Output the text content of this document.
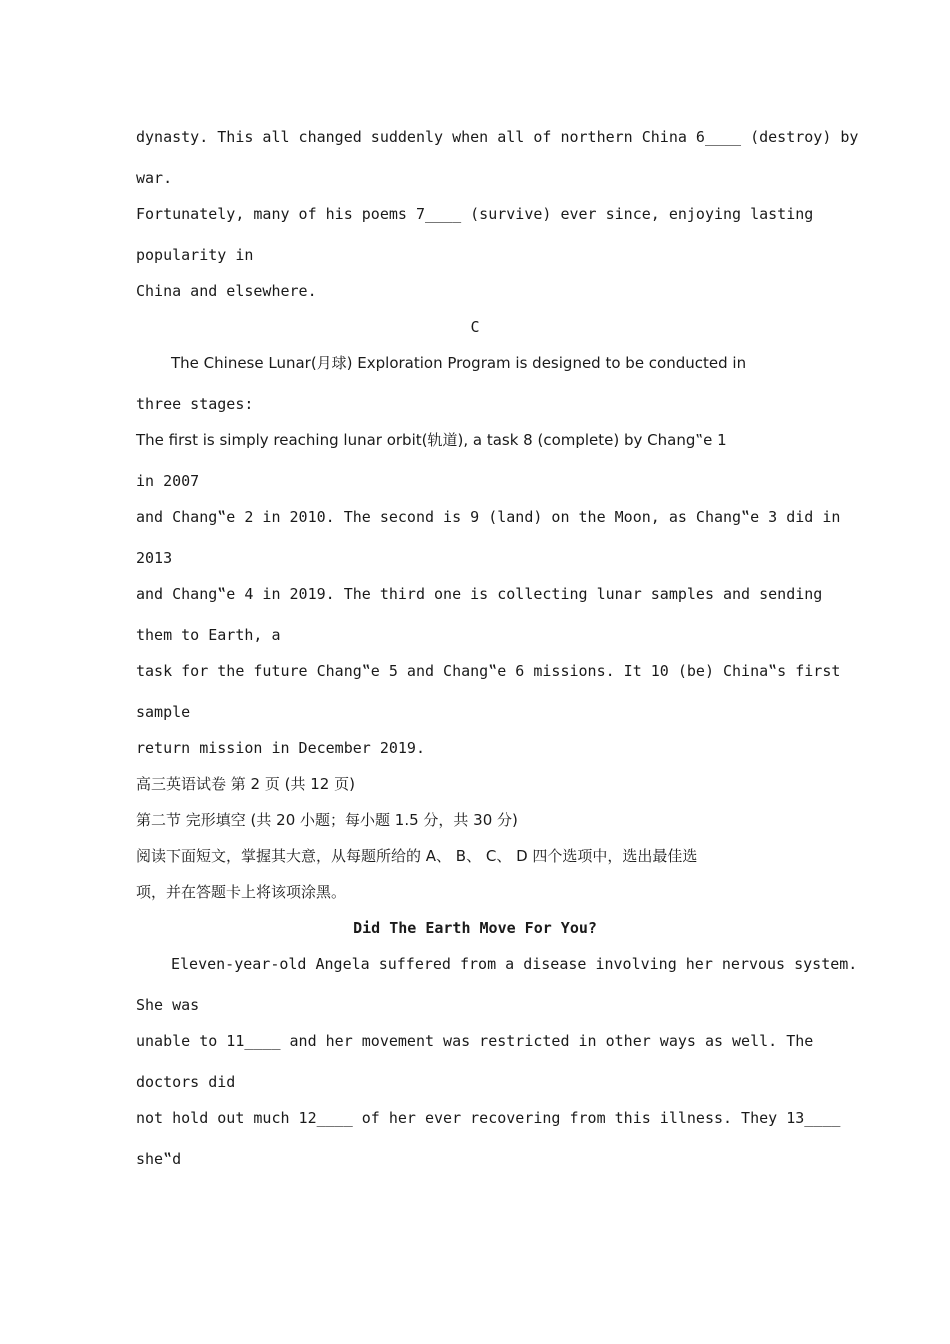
dynasty. This all changed suddenly when all of northern China 6____ (destroy) by
war.
Fortunately, many of his poems 7____ (survive) ever since, enjoying lasting
popularity in
China and elsewhere.
C
The Chinese Lunar(月球) Exploration Program is designed to be conducted in
three stages:
The first is simply reaching lunar orbit(轨道), a task 8 (complete) by Chang‟e 1
in 2007
and Chang‟e 2 in 2010. The second is 9 (land) on the Moon, as Chang‟e 3 did in
2013
and Chang‟e 4 in 2019. The third one is collecting lunar samples and sending
them to Earth, a
task for the future Chang‟e 5 and Chang‟e 6 missions. It 10 (be) China‟s first
sample
return mission in December 2019.
高三英语试卷 第 2 页 (共 12 页)
第二节 完形填空 (共 20 小题；每小题 1.5 分，共 30 分)
阅读下面短文，掌握其大意，从每题所给的 A、 B、 C、 D 四个选项中，选出最佳选
项，并在答题卡上将该项涂黑。
Did The Earth Move For You?
Eleven-year-old Angela suffered from a disease involving her nervous system.
She was
unable to 11____ and her movement was restricted in other ways as well. The
doctors did
not hold out much 12____ of her ever recovering from this illness. They 13____
she‟d
